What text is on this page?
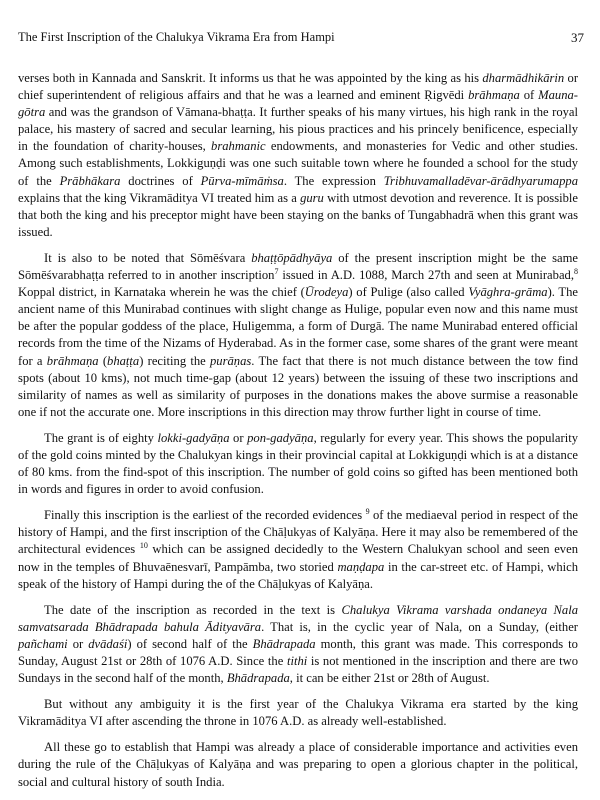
The First Inscription of the Chalukya Vikrama Era from Hampi	37

verses both in Kannada and Sanskrit. It informs us that he was appointed by the king as his dharmādhikārin or chief superintendent of religious affairs and that he was a learned and eminent Ṛigvēdi brāhmaṇa of Mauna-gōtra and was the grandson of Vāmana-bhaṭṭa. It further speaks of his many virtues, his high rank in the royal palace, his mastery of sacred and secular learning, his pious practices and his princely benificence, especially in the foundation of charity-houses, brahmanic endowments, and monasteries for Vedic and other studies. Among such establishments, Lokkiguṇḍi was one such suitable town where he founded a school for the study of the Prābhākara doctrines of Pūrva-mīmāṁsa. The expression Tribhuvamalladēvar-ārādhyarumappa explains that the king Vikramāditya VI treated him as a guru with utmost devotion and reverence. It is possible that both the king and his preceptor might have been staying on the banks of Tungabhadrā when this grant was issued.

It is also to be noted that Sōmēśvara bhaṭṭōpādhyāya of the present inscription might be the same Sōmēśvarabhaṭṭa referred to in another inscription$^7$ issued in A.D. 1088, March 27th and seen at Munirabad,$^8$ Koppal district, in Karnataka wherein he was the chief (Ūrodeya) of Pulige (also called Vyāghra-grāma). The ancient name of this Munirabad continues with slight change as Hulige, popular even now and this name must be after the popular goddess of the place, Huligemma, a form of Durgā. The name Munirabad entered official records from the time of the Nizams of Hyderabad. As in the former case, some shares of the grant were meant for a brāhmaṇa (bhaṭṭa) reciting the purāṇas. The fact that there is not much distance between the tow find spots (about 10 kms), not much time-gap (about 12 years) between the issuing of these two inscriptions and similarity of names as well as similarity of purposes in the donations makes the above surmise a reasonable one if not the accurate one. More inscriptions in this direction may throw further light in course of time.

The grant is of eighty lokki-gadyāṇa or pon-gadyāṇa, regularly for every year. This shows the popularity of the gold coins minted by the Chalukyan kings in their provincial capital at Lokkiguṇḍi which is at a distance of 80 kms. from the find-spot of this inscription. The number of gold coins so gifted has been mentioned both in words and figures in order to avoid confusion.

Finally this inscription is the earliest of the recorded evidences $^9$ of the mediaeval period in respect of the history of Hampi, and the first inscription of the Chāḷukyas of Kalyāṇa. Here it may also be remembered of the architectural evidences $^{10}$ which can be assigned decidedly to the Western Chalukyan school and seen even now in the temples of Bhuvaēnesvarī, Pampāmba, two storied maṇḍapa in the car-street etc. of Hampi, which speak of the history of Hampi during the of the Chāḷukyas of Kalyāṇa.

The date of the inscription as recorded in the text is Chalukya Vikrama varshada ondaneya Nala samvatsarada Bhādrapada bahula Ādityavāra. That is, in the cyclic year of Nala, on a Sunday, (either pañchami or dvādaśi) of second half of the Bhādrapada month, this grant was made. This corresponds to Sunday, August 21st or 28th of 1076 A.D. Since the tithi is not mentioned in the inscription and there are two Sundays in the second half of the month, Bhādrapada, it can be either 21st or 28th of August.

But without any ambiguity it is the first year of the Chalukya Vikrama era started by the king Vikramāditya VI after ascending the throne in 1076 A.D. as already well-established.

All these go to establish that Hampi was already a place of considerable importance and activities even during the rule of the Chāḷukyas of Kalyāṇa and was preparing to open a glorious chapter in the political, social and cultural history of south India.
